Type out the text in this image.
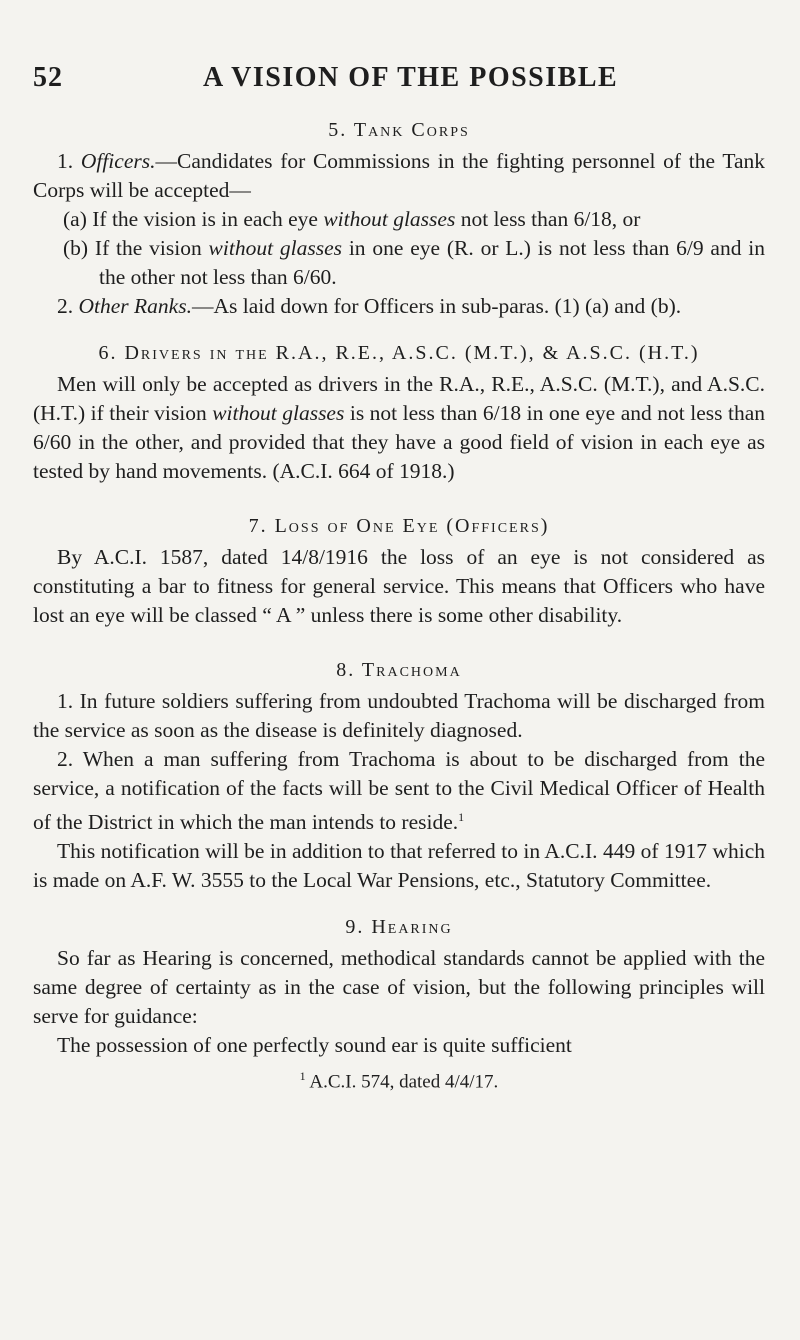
52	A VISION OF THE POSSIBLE
5. Tank Corps

1. Officers.—Candidates for Commissions in the fighting personnel of the Tank Corps will be accepted—

(a) If the vision is in each eye without glasses not less than 6/18, or

(b) If the vision without glasses in one eye (R. or L.) is not less than 6/9 and in the other not less than 6/60.

2. Other Ranks.—As laid down for Officers in sub-paras. (1) (a) and (b).

6. Drivers in the R.A., R.E., A.S.C. (M.T.), & A.S.C. (H.T.)

Men will only be accepted as drivers in the R.A., R.E., A.S.C. (M.T.), and A.S.C. (H.T.) if their vision without glasses is not less than 6/18 in one eye and not less than 6/60 in the other, and provided that they have a good field of vision in each eye as tested by hand movements. (A.C.I. 664 of 1918.)

7. Loss of One Eye (Officers)

By A.C.I. 1587, dated 14/8/1916 the loss of an eye is not considered as constituting a bar to fitness for general service. This means that Officers who have lost an eye will be classed “ A ” unless there is some other disability.

8. Trachoma

1. In future soldiers suffering from undoubted Trachoma will be discharged from the service as soon as the disease is definitely diagnosed.

2. When a man suffering from Trachoma is about to be discharged from the service, a notification of the facts will be sent to the Civil Medical Officer of Health of the District in which the man intends to reside.$^1$

This notification will be in addition to that referred to in A.C.I. 449 of 1917 which is made on A.F. W. 3555 to the Local War Pensions, etc., Statutory Committee.

9. Hearing

So far as Hearing is concerned, methodical standards cannot be applied with the same degree of certainty as in the case of vision, but the following principles will serve for guidance:

The possession of one perfectly sound ear is quite sufficient

$^1$ A.C.I. 574, dated 4/4/17.
